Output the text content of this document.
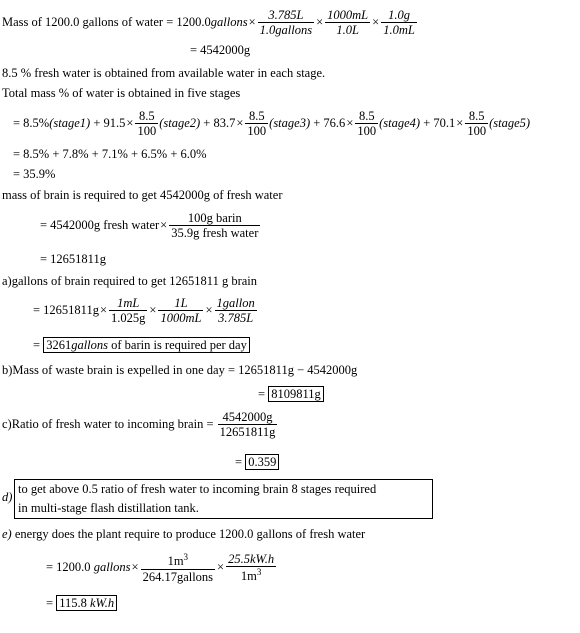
Mass of 1200.0 gallons of water = 1200.0gallons× $\frac{3.785L}{\text{1.0gallons}} \times \frac{1000mL}{1.0L} \times \frac{1.0g}{1.0mL}$
= 4542000g
8.5 % fresh water is obtained from available water in each stage.
Total mass % of water is obtained in five stages
= 8.5%(stage1) + $91.5\times \frac{8.5}{100}$ (stage2) + $83.7\times \frac{8.5}{100}$ (stage3) + $76.6\times \frac{8.5}{100}$ (stage4) + $70.1\times \frac{8.5}{100}$ (stage5)
= 8.5% + 7.8% + 7.1% + 6.5% + 6.0%
= 35.9%
mass of brain is required to get 4542000g of fresh water
= 4542000g fresh water× $\frac{\text{100g barin}}{\text{35.9g fresh water}}$
= 12651811g
a)gallons of brain required to get 12651811 g brain
= $12651811g\times \frac{1mL}{1.025g} \times \frac{1L}{1000mL} \times \frac{\text{1gallon}}{3.785L}$
= 3261gallons of barin is required per day
b)Mass of waste brain is expelled in one day = 12651811g − 4542000g
= 8109811g
c)Ratio of fresh water to incoming brain = $\frac{4542000g}{12651811g}$
= 0.359
d)
to get above 0.5 ratio of fresh water to incoming brain 8 stages required
in multi-stage flash distillation tank.
e) energy does the plant require to produce 1200.0 gallons of fresh water
= 1200.0 gallons× $\frac{1m^3}{\text{264.17gallons}} \times \frac{25.5kW.h}{1m^3}$
= 115.8 kW.h
